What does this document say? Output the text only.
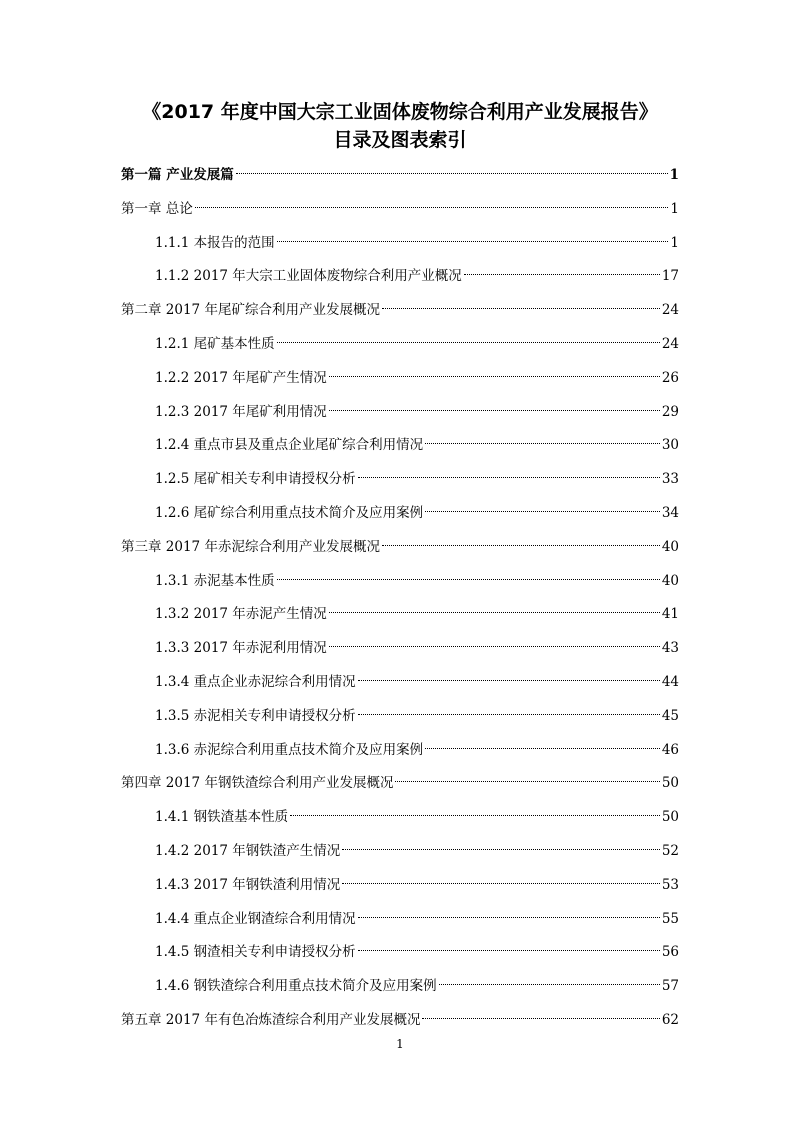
《2017 年度中国大宗工业固体废物综合利用产业发展报告》
目录及图表索引
第一篇 产业发展篇	1
第一章 总论	1
1.1.1 本报告的范围	1
1.1.2 2017 年大宗工业固体废物综合利用产业概况	17
第二章 2017 年尾矿综合利用产业发展概况	24
1.2.1 尾矿基本性质	24
1.2.2 2017 年尾矿产生情况	26
1.2.3 2017 年尾矿利用情况	29
1.2.4 重点市县及重点企业尾矿综合利用情况	30
1.2.5 尾矿相关专利申请授权分析	33
1.2.6 尾矿综合利用重点技术简介及应用案例	34
第三章 2017 年赤泥综合利用产业发展概况	40
1.3.1 赤泥基本性质	40
1.3.2 2017 年赤泥产生情况	41
1.3.3 2017 年赤泥利用情况	43
1.3.4 重点企业赤泥综合利用情况	44
1.3.5 赤泥相关专利申请授权分析	45
1.3.6 赤泥综合利用重点技术简介及应用案例	46
第四章 2017 年钢铁渣综合利用产业发展概况	50
1.4.1 钢铁渣基本性质	50
1.4.2 2017 年钢铁渣产生情况	52
1.4.3 2017 年钢铁渣利用情况	53
1.4.4 重点企业钢渣综合利用情况	55
1.4.5 钢渣相关专利申请授权分析	56
1.4.6 钢铁渣综合利用重点技术简介及应用案例	57
第五章 2017 年有色冶炼渣综合利用产业发展概况	62
1
